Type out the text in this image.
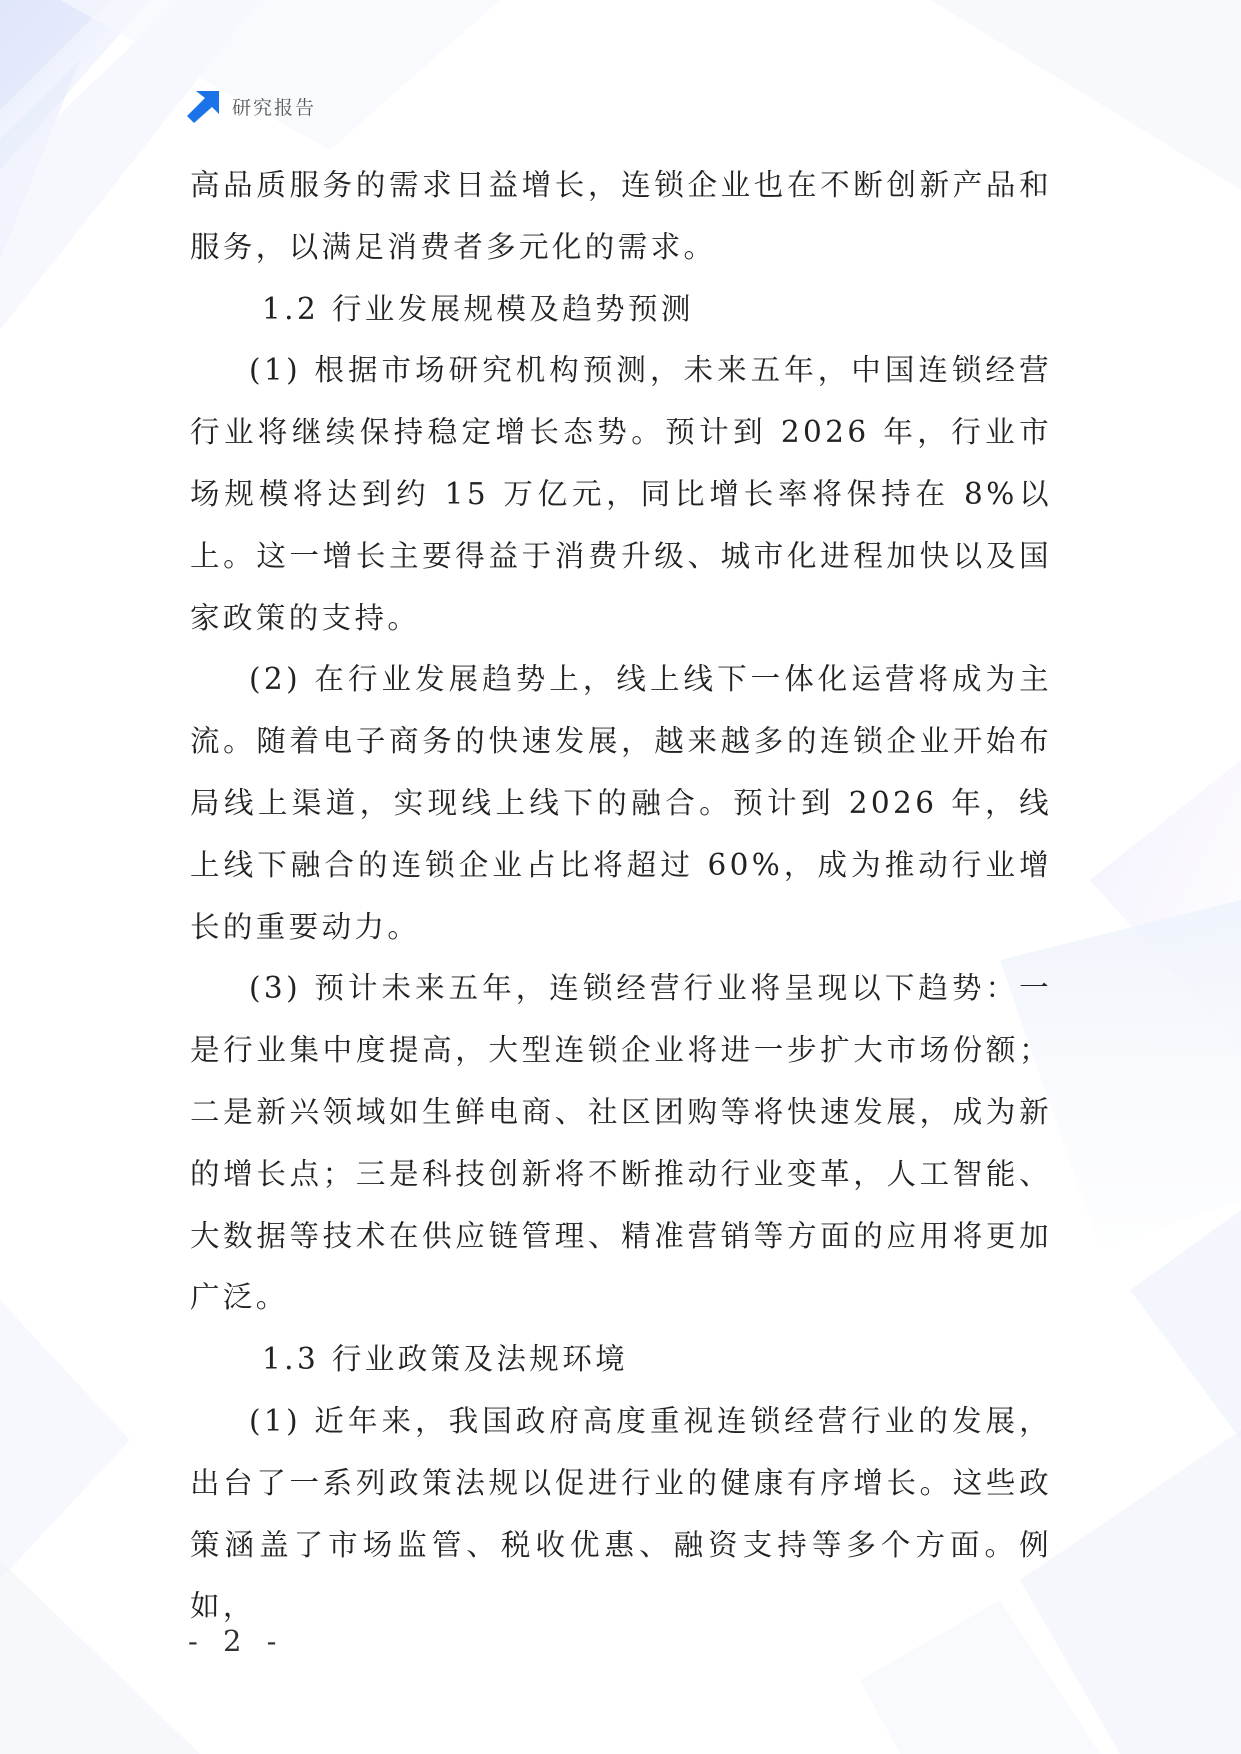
研究报告

高品质服务的需求日益增长，连锁企业也在不断创新产品和服务，以满足消费者多元化的需求。

1.2 行业发展规模及趋势预测

(1) 根据市场研究机构预测，未来五年，中国连锁经营行业将继续保持稳定增长态势。预计到 2026 年，行业市场规模将达到约 15 万亿元，同比增长率将保持在 8%以上。这一增长主要得益于消费升级、城市化进程加快以及国家政策的支持。

(2) 在行业发展趋势上，线上线下一体化运营将成为主流。随着电子商务的快速发展，越来越多的连锁企业开始布局线上渠道，实现线上线下的融合。预计到 2026 年，线上线下融合的连锁企业占比将超过 60%，成为推动行业增长的重要动力。

(3) 预计未来五年，连锁经营行业将呈现以下趋势：一是行业集中度提高，大型连锁企业将进一步扩大市场份额；二是新兴领域如生鲜电商、社区团购等将快速发展，成为新的增长点；三是科技创新将不断推动行业变革，人工智能、大数据等技术在供应链管理、精准营销等方面的应用将更加广泛。

1.3 行业政策及法规环境

(1) 近年来，我国政府高度重视连锁经营行业的发展，出台了一系列政策法规以促进行业的健康有序增长。这些政策涵盖了市场监管、税收优惠、融资支持等多个方面。例如，

- 2 -
